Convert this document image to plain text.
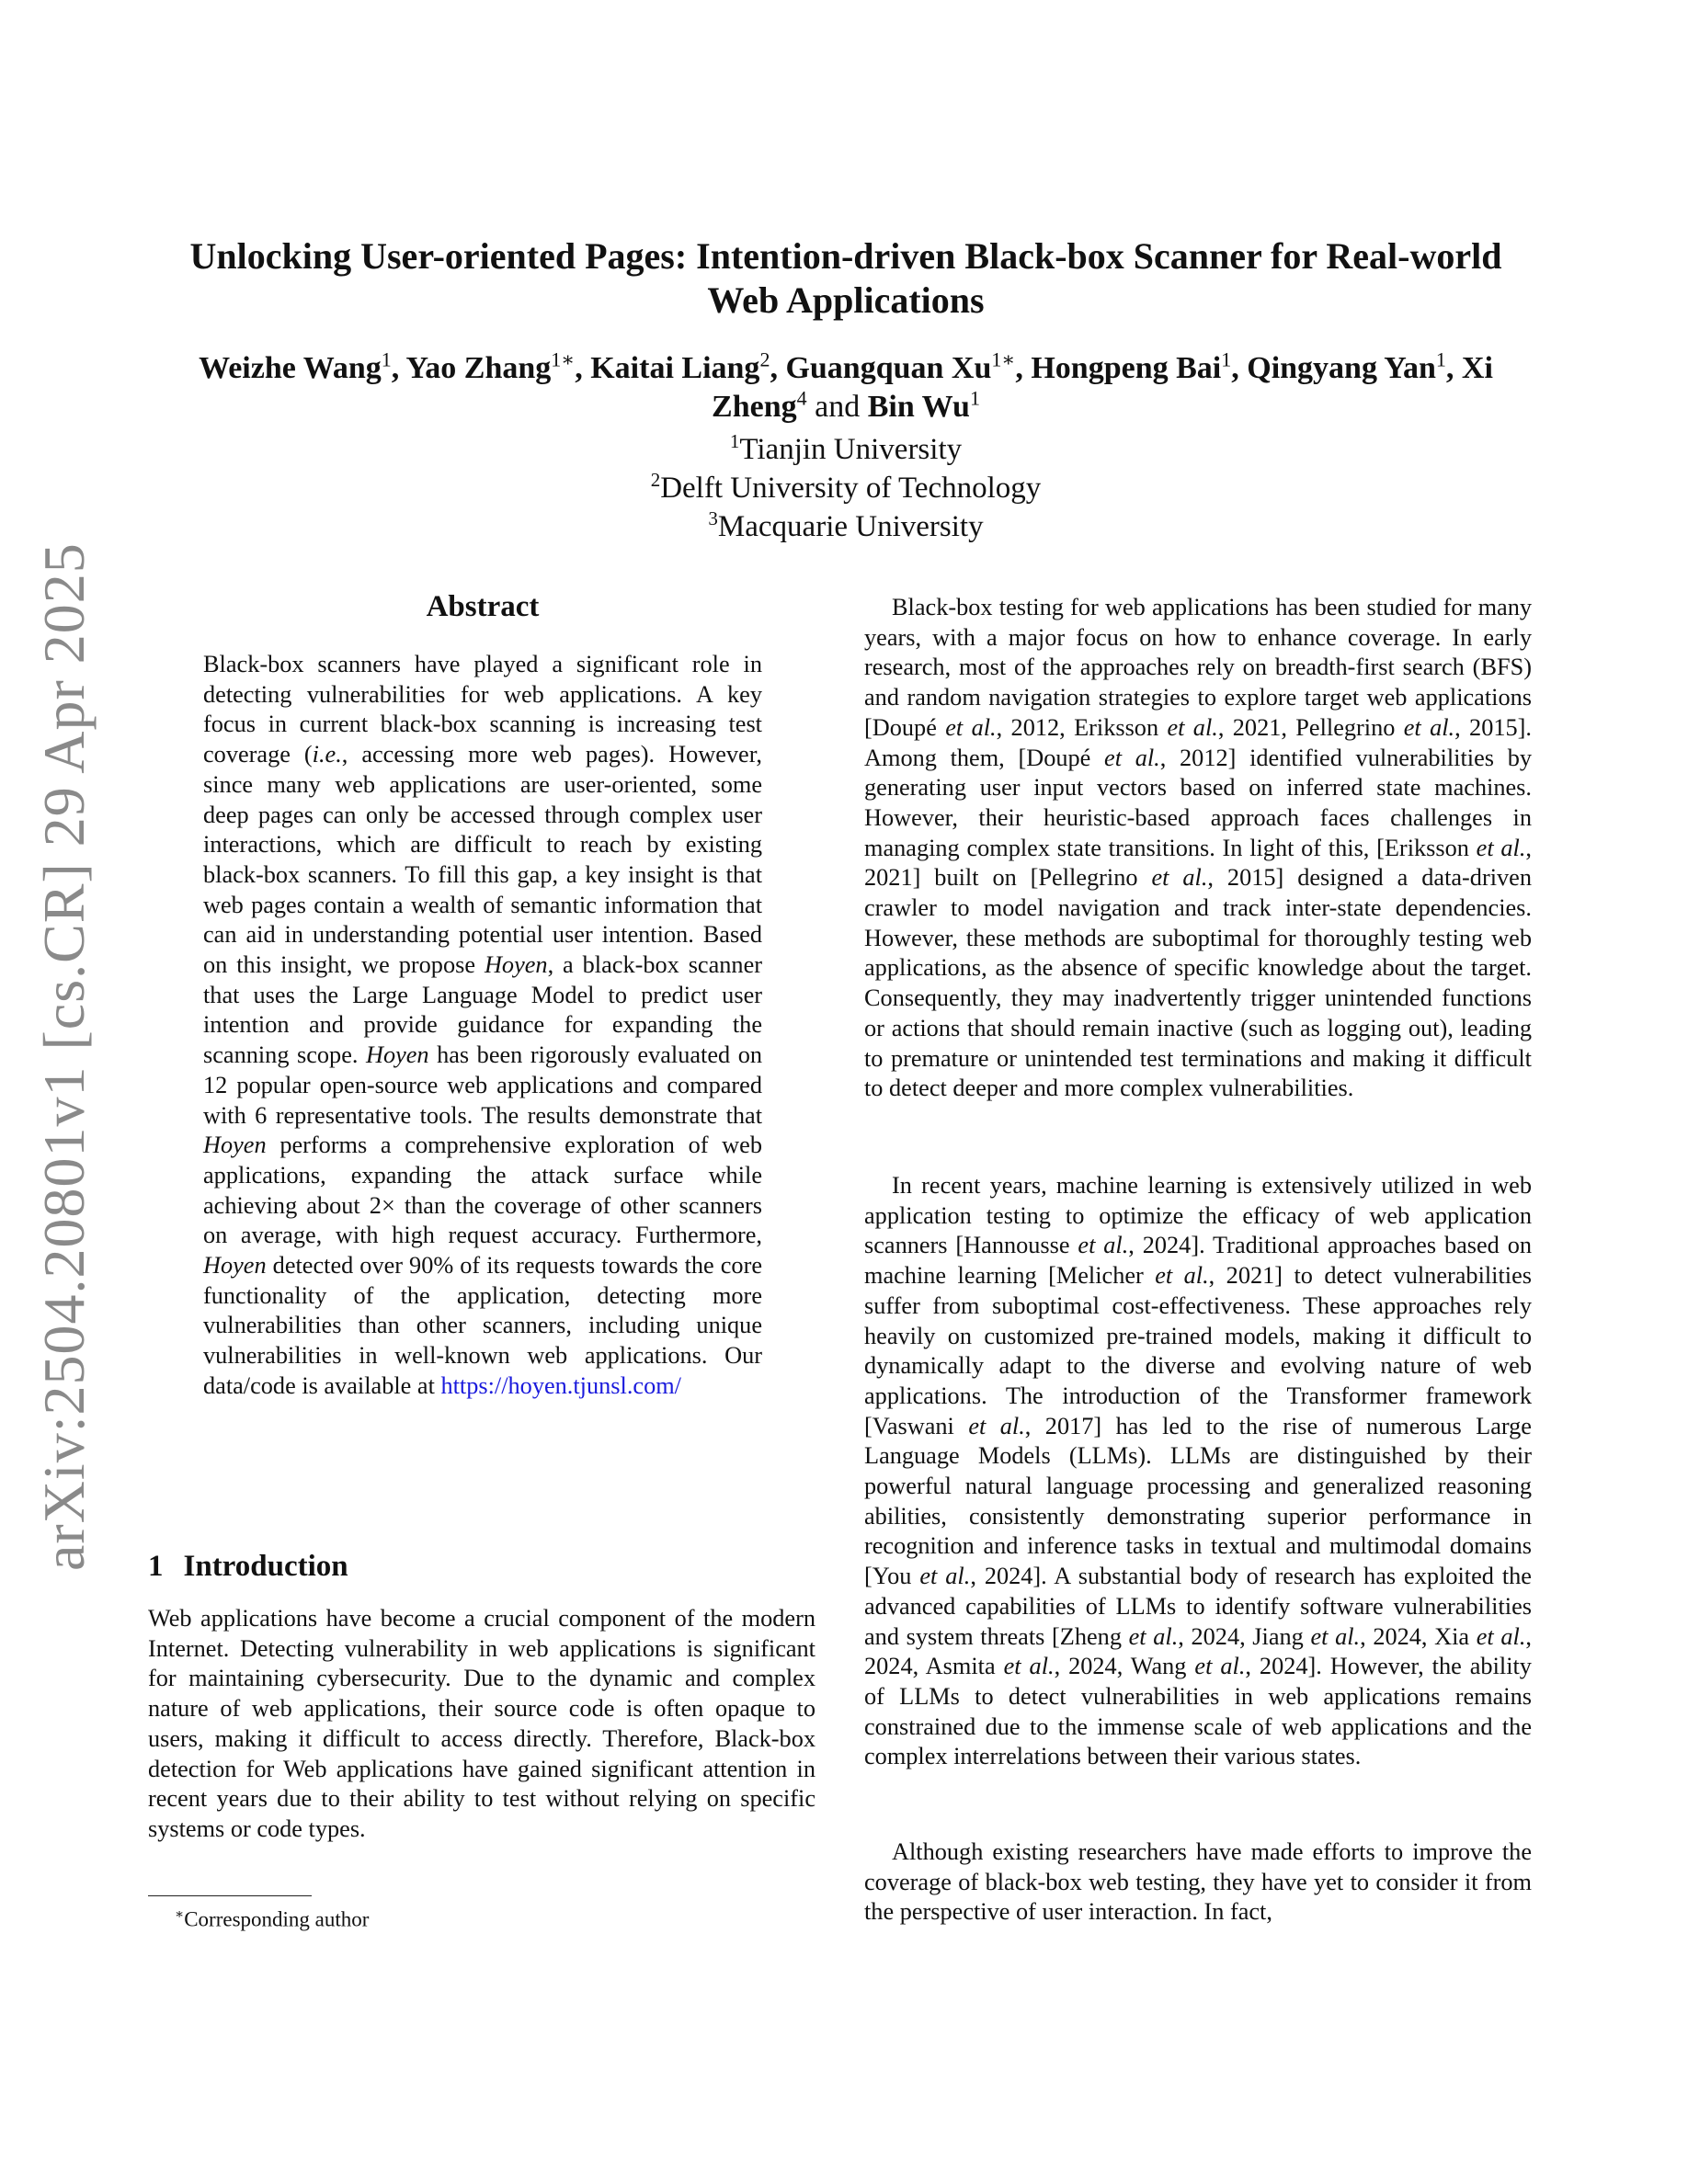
arXiv:2504.20801v1 [cs.CR] 29 Apr 2025
Unlocking User-oriented Pages: Intention-driven Black-box Scanner for Real-world Web Applications
Weizhe Wang$^1$, Yao Zhang$^{1∗}$, Kaitai Liang$^2$, Guangquan Xu$^{1∗}$, Hongpeng Bai$^1$, Qingyang Yan$^1$, Xi Zheng$^4$ and Bin Wu$^1$
$^1$Tianjin University
$^2$Delft University of Technology
$^3$Macquarie University
Abstract

Black-box scanners have played a significant role in detecting vulnerabilities for web applications. A key focus in current black-box scanning is increasing test coverage (i.e., accessing more web pages). However, since many web applications are user-oriented, some deep pages can only be accessed through complex user interactions, which are difficult to reach by existing black-box scanners. To fill this gap, a key insight is that web pages contain a wealth of semantic information that can aid in understanding potential user intention. Based on this insight, we propose Hoyen, a black-box scanner that uses the Large Language Model to predict user intention and provide guidance for expanding the scanning scope. Hoyen has been rigorously evaluated on 12 popular open-source web applications and compared with 6 representative tools. The results demonstrate that Hoyen performs a comprehensive exploration of web applications, expanding the attack surface while achieving about 2× than the coverage of other scanners on average, with high request accuracy. Furthermore, Hoyen detected over 90% of its requests towards the core functionality of the application, detecting more vulnerabilities than other scanners, including unique vulnerabilities in well-known web applications. Our data/code is available at https://hoyen.tjunsl.com/

1 Introduction

Web applications have become a crucial component of the modern Internet. Detecting vulnerability in web applications is significant for maintaining cybersecurity. Due to the dynamic and complex nature of web applications, their source code is often opaque to users, making it difficult to access directly. Therefore, Black-box detection for Web applications have gained significant attention in recent years due to their ability to test without relying on specific systems or code types.

∗Corresponding author

Black-box testing for web applications has been studied for many years, with a major focus on how to enhance coverage. In early research, most of the approaches rely on breadth-first search (BFS) and random navigation strategies to explore target web applications [Doupé et al., 2012, Eriksson et al., 2021, Pellegrino et al., 2015]. Among them, [Doupé et al., 2012] identified vulnerabilities by generating user input vectors based on inferred state machines. However, their heuristic-based approach faces challenges in managing complex state transitions. In light of this, [Eriksson et al., 2021] built on [Pellegrino et al., 2015] designed a data-driven crawler to model navigation and track inter-state dependencies. However, these methods are suboptimal for thoroughly testing web applications, as the absence of specific knowledge about the target. Consequently, they may inadvertently trigger unintended functions or actions that should remain inactive (such as logging out), leading to premature or unintended test terminations and making it difficult to detect deeper and more complex vulnerabilities.

In recent years, machine learning is extensively utilized in web application testing to optimize the efficacy of web application scanners [Hannousse et al., 2024]. Traditional approaches based on machine learning [Melicher et al., 2021] to detect vulnerabilities suffer from suboptimal cost-effectiveness. These approaches rely heavily on customized pre-trained models, making it difficult to dynamically adapt to the diverse and evolving nature of web applications. The introduction of the Transformer framework [Vaswani et al., 2017] has led to the rise of numerous Large Language Models (LLMs). LLMs are distinguished by their powerful natural language processing and generalized reasoning abilities, consistently demonstrating superior performance in recognition and inference tasks in textual and multimodal domains [You et al., 2024]. A substantial body of research has exploited the advanced capabilities of LLMs to identify software vulnerabilities and system threats [Zheng et al., 2024, Jiang et al., 2024, Xia et al., 2024, Asmita et al., 2024, Wang et al., 2024]. However, the ability of LLMs to detect vulnerabilities in web applications remains constrained due to the immense scale of web applications and the complex interrelations between their various states.

Although existing researchers have made efforts to improve the coverage of black-box web testing, they have yet to consider it from the perspective of user interaction. In fact,
